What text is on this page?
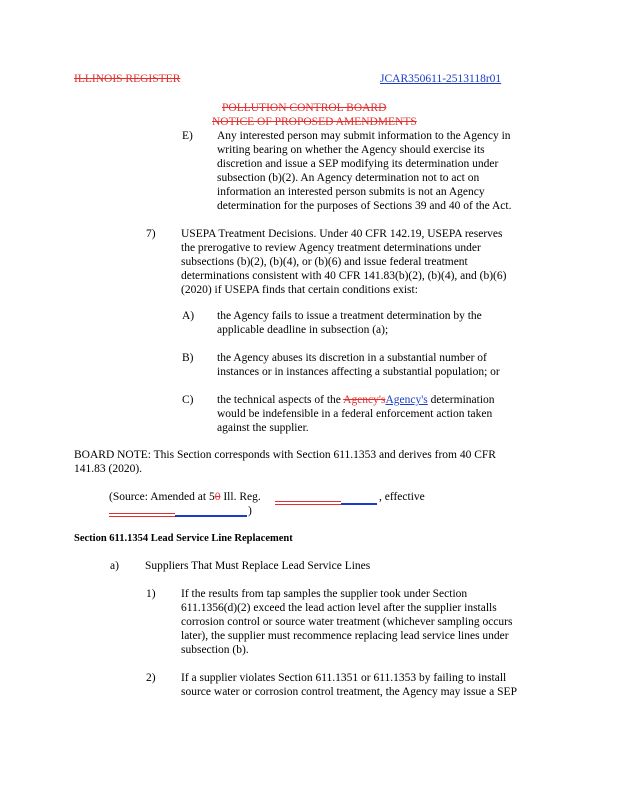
ILLINOIS REGISTER	JCAR350611-2513118r01
POLLUTION CONTROL BOARD
NOTICE OF PROPOSED AMENDMENTS
E) Any interested person may submit information to the Agency in
writing bearing on whether the Agency should exercise its
discretion and issue a SEP modifying its determination under
subsection (b)(2). An Agency determination not to act on
information an interested person submits is not an Agency
determination for the purposes of Sections 39 and 40 of the Act.
7) USEPA Treatment Decisions. Under 40 CFR 142.19, USEPA reserves
the prerogative to review Agency treatment determinations under
subsections (b)(2), (b)(4), or (b)(6) and issue federal treatment
determinations consistent with 40 CFR 141.83(b)(2), (b)(4), and (b)(6)
(2020) if USEPA finds that certain conditions exist:
A) the Agency fails to issue a treatment determination by the
applicable deadline in subsection (a);
B) the Agency abuses its discretion in a substantial number of
instances or in instances affecting a substantial population; or
C) the technical aspects of the Agency'sAgency's determination
would be indefensible in a federal enforcement action taken
against the supplier.
BOARD NOTE: This Section corresponds with Section 611.1353 and derives from 40 CFR
141.83 (2020).
(Source: Amended at 50 Ill. Reg.	, effective
)
Section 611.1354 Lead Service Line Replacement
a) Suppliers That Must Replace Lead Service Lines
1) If the results from tap samples the supplier took under Section
611.1356(d)(2) exceed the lead action level after the supplier installs
corrosion control or source water treatment (whichever sampling occurs
later), the supplier must recommence replacing lead service lines under
subsection (b).
2) If a supplier violates Section 611.1351 or 611.1353 by failing to install
source water or corrosion control treatment, the Agency may issue a SEP
